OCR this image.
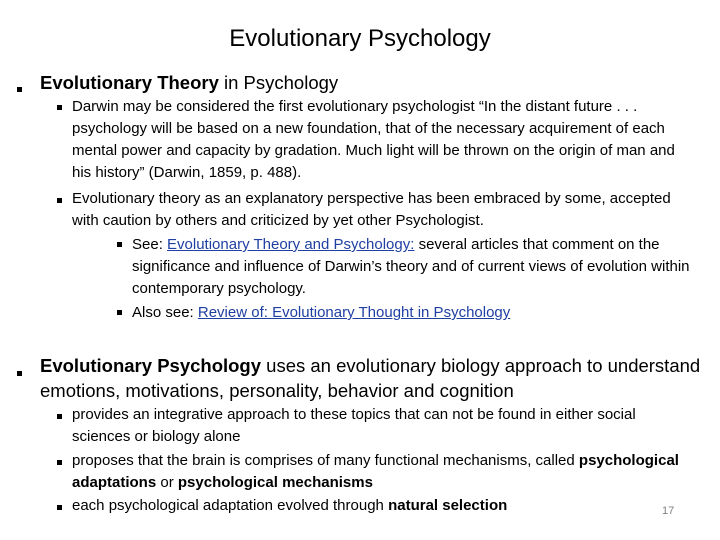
Evolutionary Psychology
Evolutionary Theory in Psychology
Darwin may be considered the first evolutionary psychologist “In the distant future . . . psychology will be based on a new foundation, that of the necessary acquirement of each mental power and capacity by gradation. Much light will be thrown on the origin of man and his history” (Darwin, 1859, p. 488).
Evolutionary theory as an explanatory perspective has been embraced by some, accepted with caution by others and criticized by yet other Psychologist.
See: Evolutionary Theory and Psychology: several articles that comment on the significance and influence of Darwin’s theory and of current views of evolution within contemporary psychology.
Also see: Review of: Evolutionary Thought in Psychology
Evolutionary Psychology uses an evolutionary biology approach to understand emotions, motivations, personality, behavior and cognition
provides an integrative approach to these topics that can not be found in either social sciences or biology alone
proposes that the brain is comprises of many functional mechanisms, called psychological adaptations or psychological mechanisms
each psychological adaptation evolved through natural selection	17
